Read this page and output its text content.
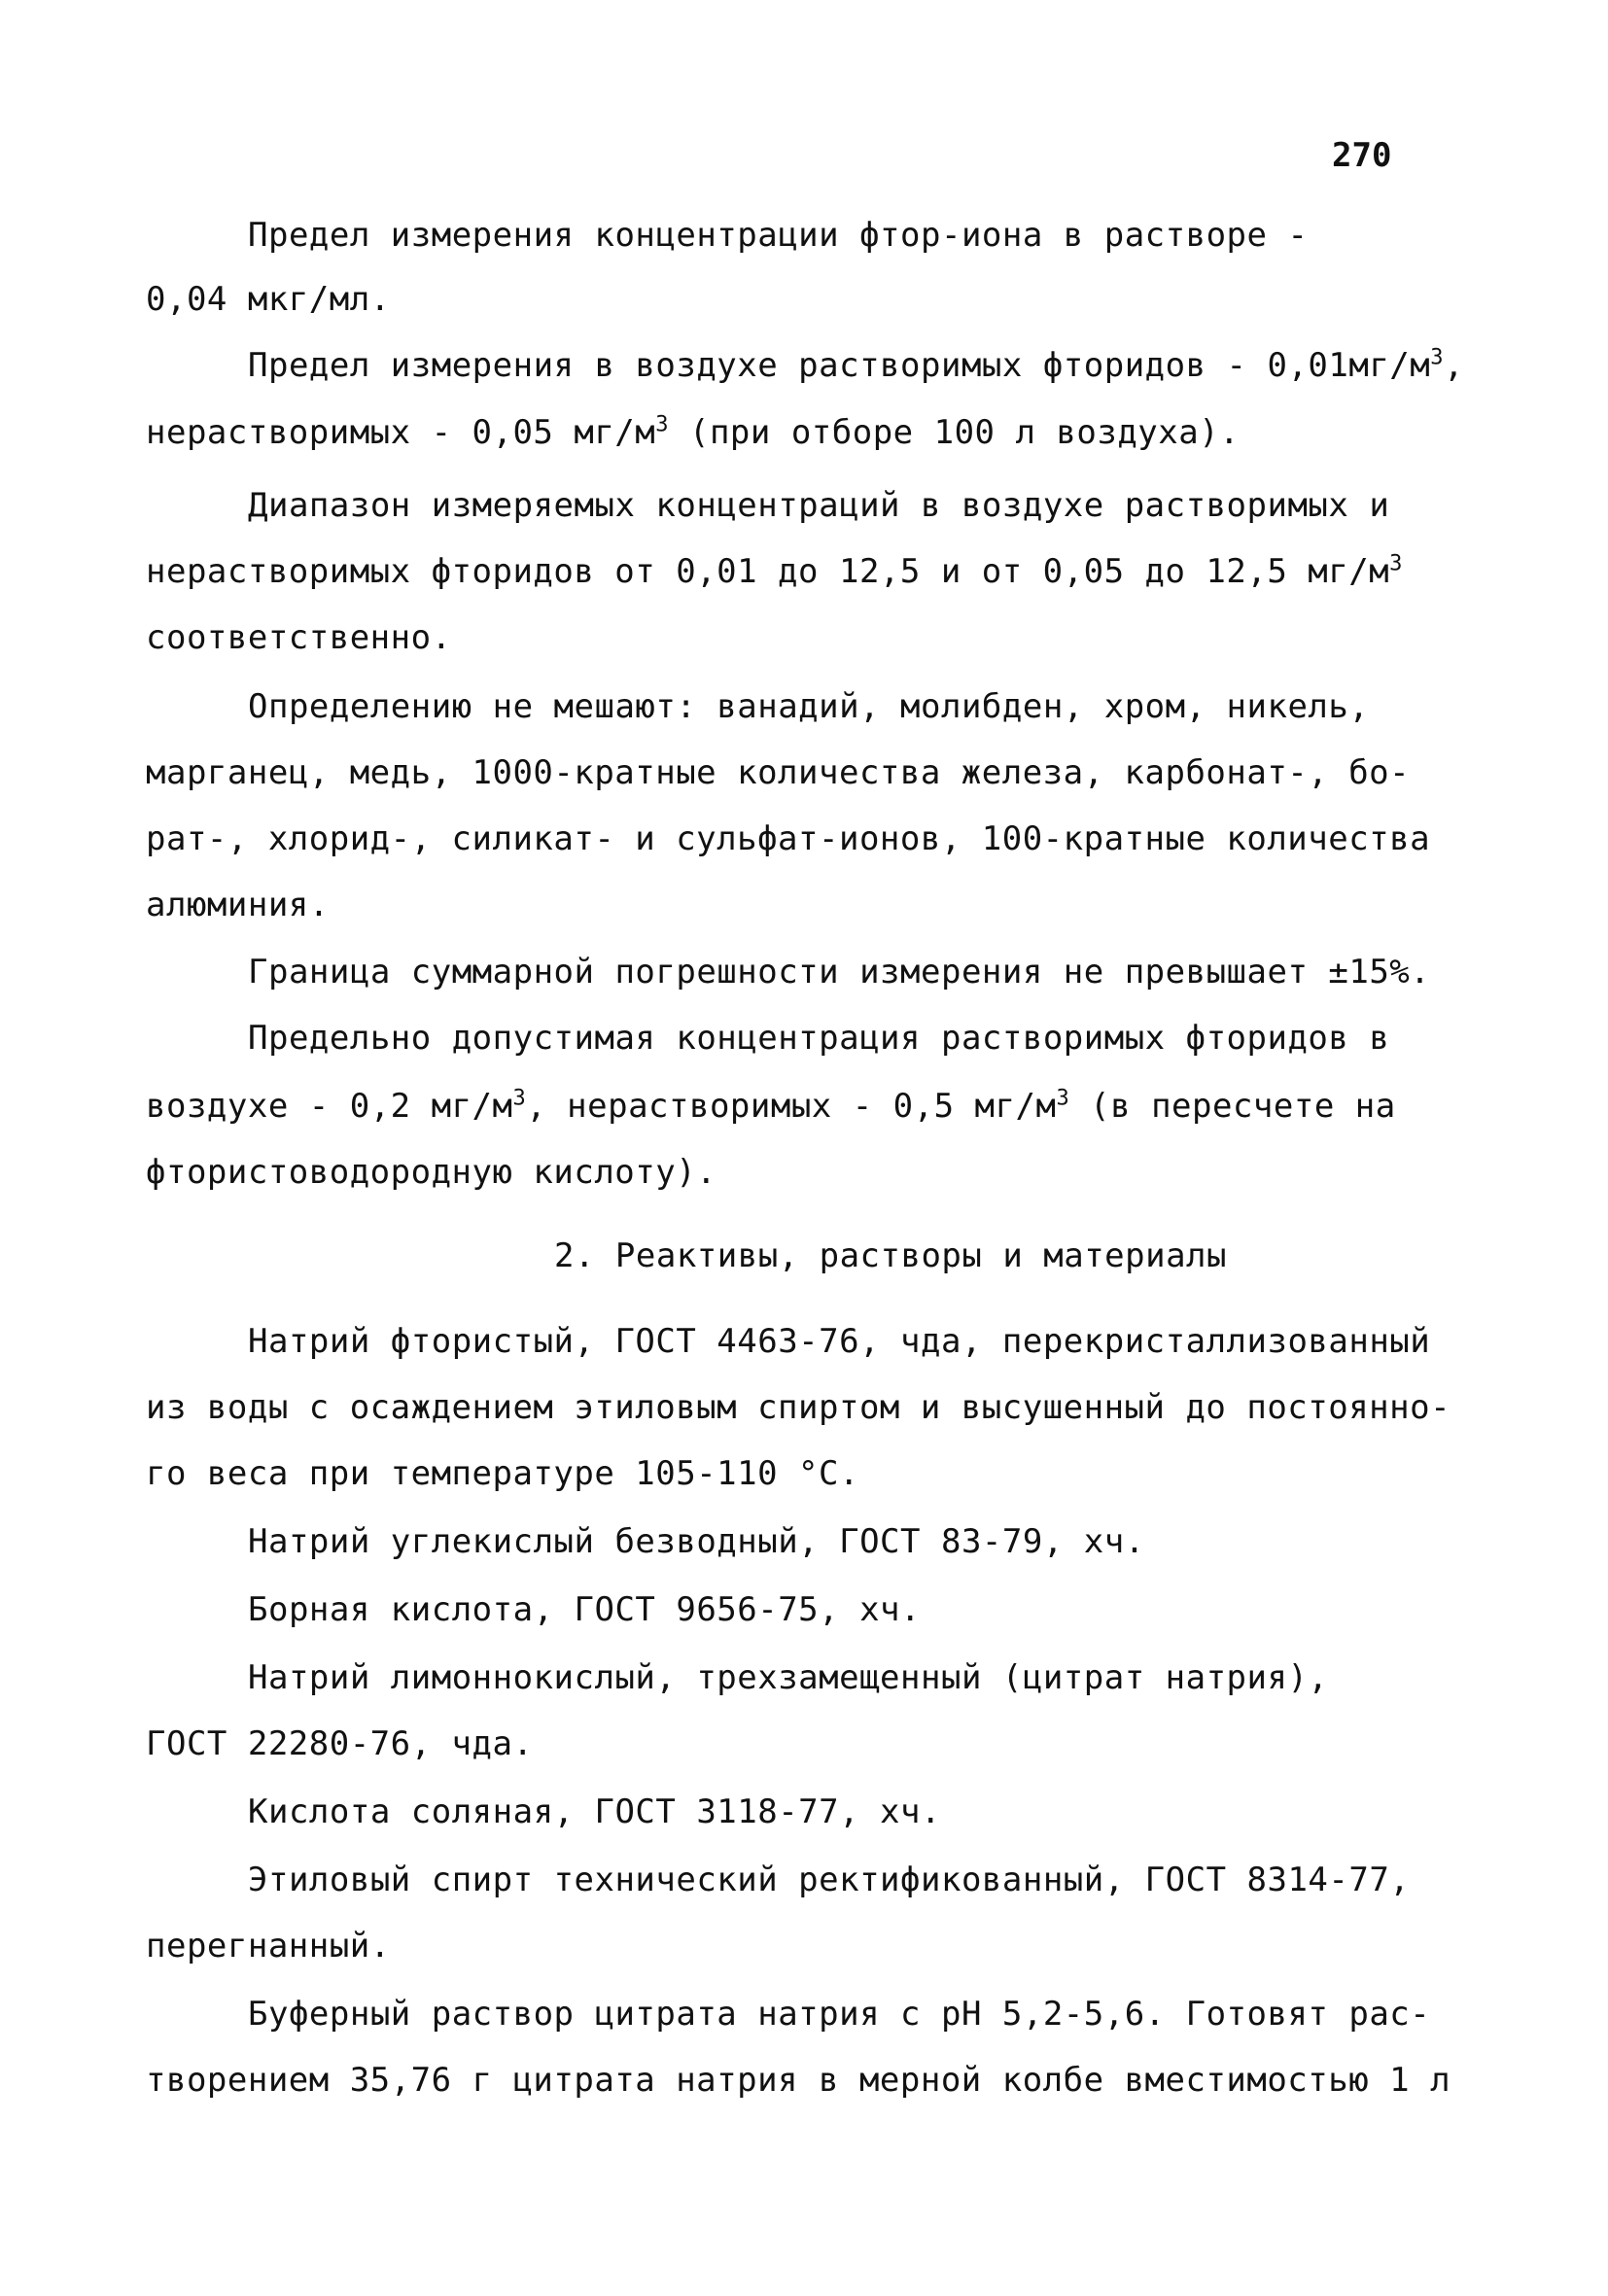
270
Предел измерения концентрации фтор-иона в растворе -
0,04 мкг/мл.
Предел измерения в воздухе растворимых фторидов - $0,01мг/м^3$,
нерастворимых - 0,05 $мг/м^3$ (при отборе 100 л воздуха).
Диапазон измеряемых концентраций в воздухе растворимых и
нерастворимых фторидов от 0,01 до 12,5 и от 0,05 до 12,5 $мг/м^3$
соответственно.
Определению не мешают: ванадий, молибден, хром, никель,
марганец, медь, 1000-кратные количества железа, карбонат-, бо-
рат-, хлорид-, силикат- и сульфат-ионов, 100-кратные количества
алюминия.
Граница суммарной погрешности измерения не превышает ±15%.
Предельно допустимая концентрация растворимых фторидов в
воздухе - 0,2 $мг/м^3$, нерастворимых - 0,5 $мг/м^3$ (в пересчете на
фтористоводородную кислоту).
2. Реактивы, растворы и материалы
Натрий фтористый, ГОСТ 4463-76, чда, перекристаллизованный
из воды с осаждением этиловым спиртом и высушенный до постоянно-
го веса при температуре 105-110 °С.
Натрий углекислый безводный, ГОСТ 83-79, хч.
Борная кислота, ГОСТ 9656-75, хч.
Натрий лимоннокислый, трехзамещенный (цитрат натрия),
ГОСТ 22280-76, чда.
Кислота соляная, ГОСТ 3118-77, хч.
Этиловый спирт технический ректификованный, ГОСТ 8314-77,
перегнанный.
Буферный раствор цитрата натрия с pH 5,2-5,6. Готовят рас-
творением 35,76 г цитрата натрия в мерной колбе вместимостью 1 л
